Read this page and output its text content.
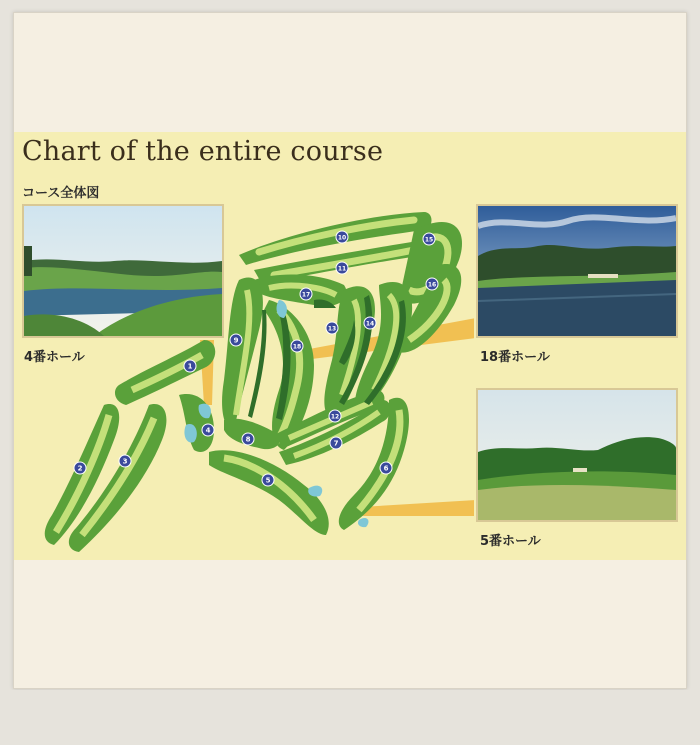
Chart of the entire course
コース全体図
1
2
3
4
5
6
7
8
9
10
11
12
13
14
15
16
17
18
4番ホール	18番ホール
5番ホール
